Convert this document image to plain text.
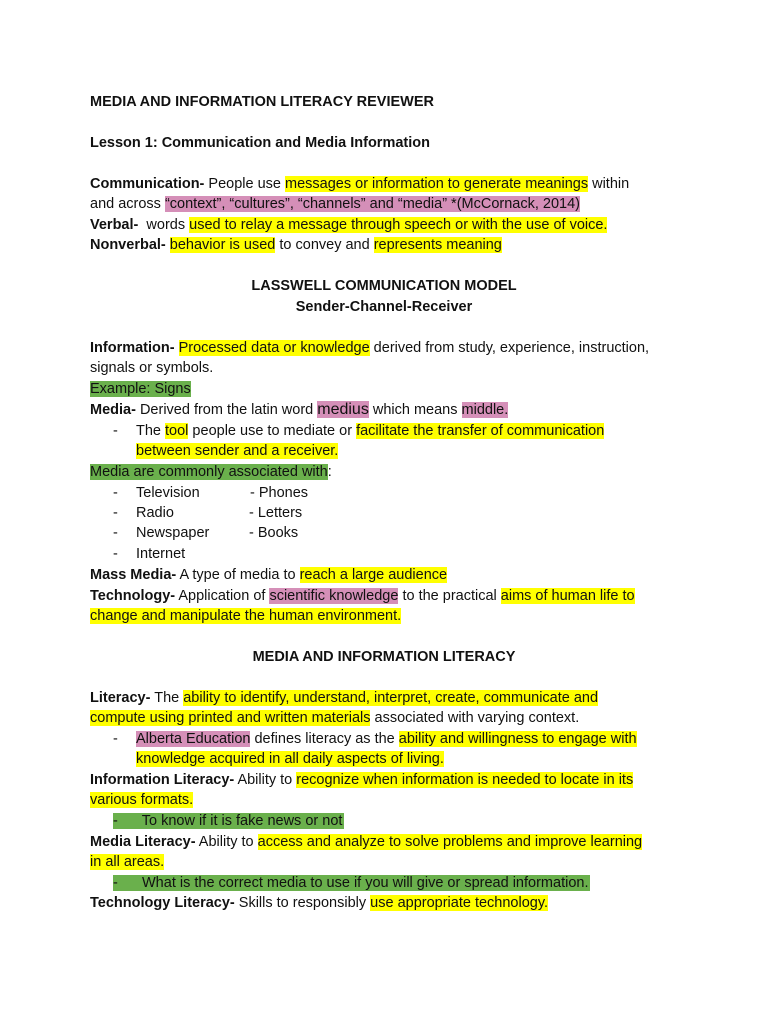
MEDIA AND INFORMATION LITERACY REVIEWER
Lesson 1: Communication and Media Information
Communication- People use messages or information to generate meanings within
and across “context”, “cultures”, “channels” and “media” *(McCornack, 2014)
Verbal-  words used to relay a message through speech or with the use of voice.
Nonverbal- behavior is used to convey and represents meaning
LASSWELL COMMUNICATION MODEL
Sender-Channel-Receiver
Information- Processed data or knowledge derived from study, experience, instruction,
signals or symbols.
Example: Signs
Media- Derived from the latin word medius which means middle.
- The tool people use to mediate or facilitate the transfer of communication
between sender and a receiver.
Media are commonly associated with:
- Television	- Phones
- Radio	- Letters
- Newspaper	- Books
- Internet
Mass Media- A type of media to reach a large audience
Technology- Application of scientific knowledge to the practical aims of human life to
change and manipulate the human environment.
MEDIA AND INFORMATION LITERACY
Literacy- The ability to identify, understand, interpret, create, communicate and
compute using printed and written materials associated with varying context.
- Alberta Education defines literacy as the ability and willingness to engage with
knowledge acquired in all daily aspects of living.
Information Literacy- Ability to recognize when information is needed to locate in its
various formats.
-      To know if it is fake news or not
Media Literacy- Ability to access and analyze to solve problems and improve learning
in all areas.
-      What is the correct media to use if you will give or spread information.
Technology Literacy- Skills to responsibly use appropriate technology.
